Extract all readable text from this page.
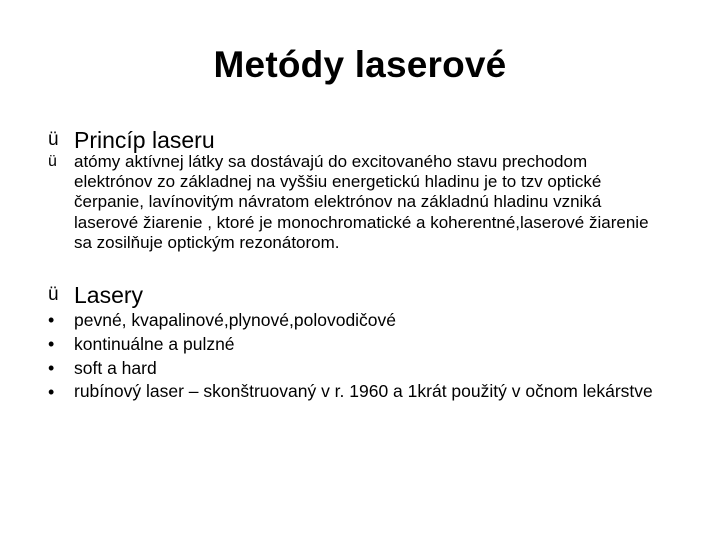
Metódy laserové
ü Princíp laseru
ü	atómy aktívnej látky sa dostávajú do excitovaného stavu prechodom elektrónov zo základnej na vyššiu energetickú hladinu je to tzv optické čerpanie, lavínovitým návratom elektrónov na základnú hladinu vzniká laserové žiarenie , ktoré je monochromatické a koherentné,laserové žiarenie sa zosilňuje optickým rezonátorom.
ü Lasery
•	pevné, kvapalinové,plynové,polovodičové
•	kontinuálne a pulzné
•	soft a hard
•	rubínový laser – skonštruovaný v r. 1960 a 1krát použitý v očnom lekárstve
